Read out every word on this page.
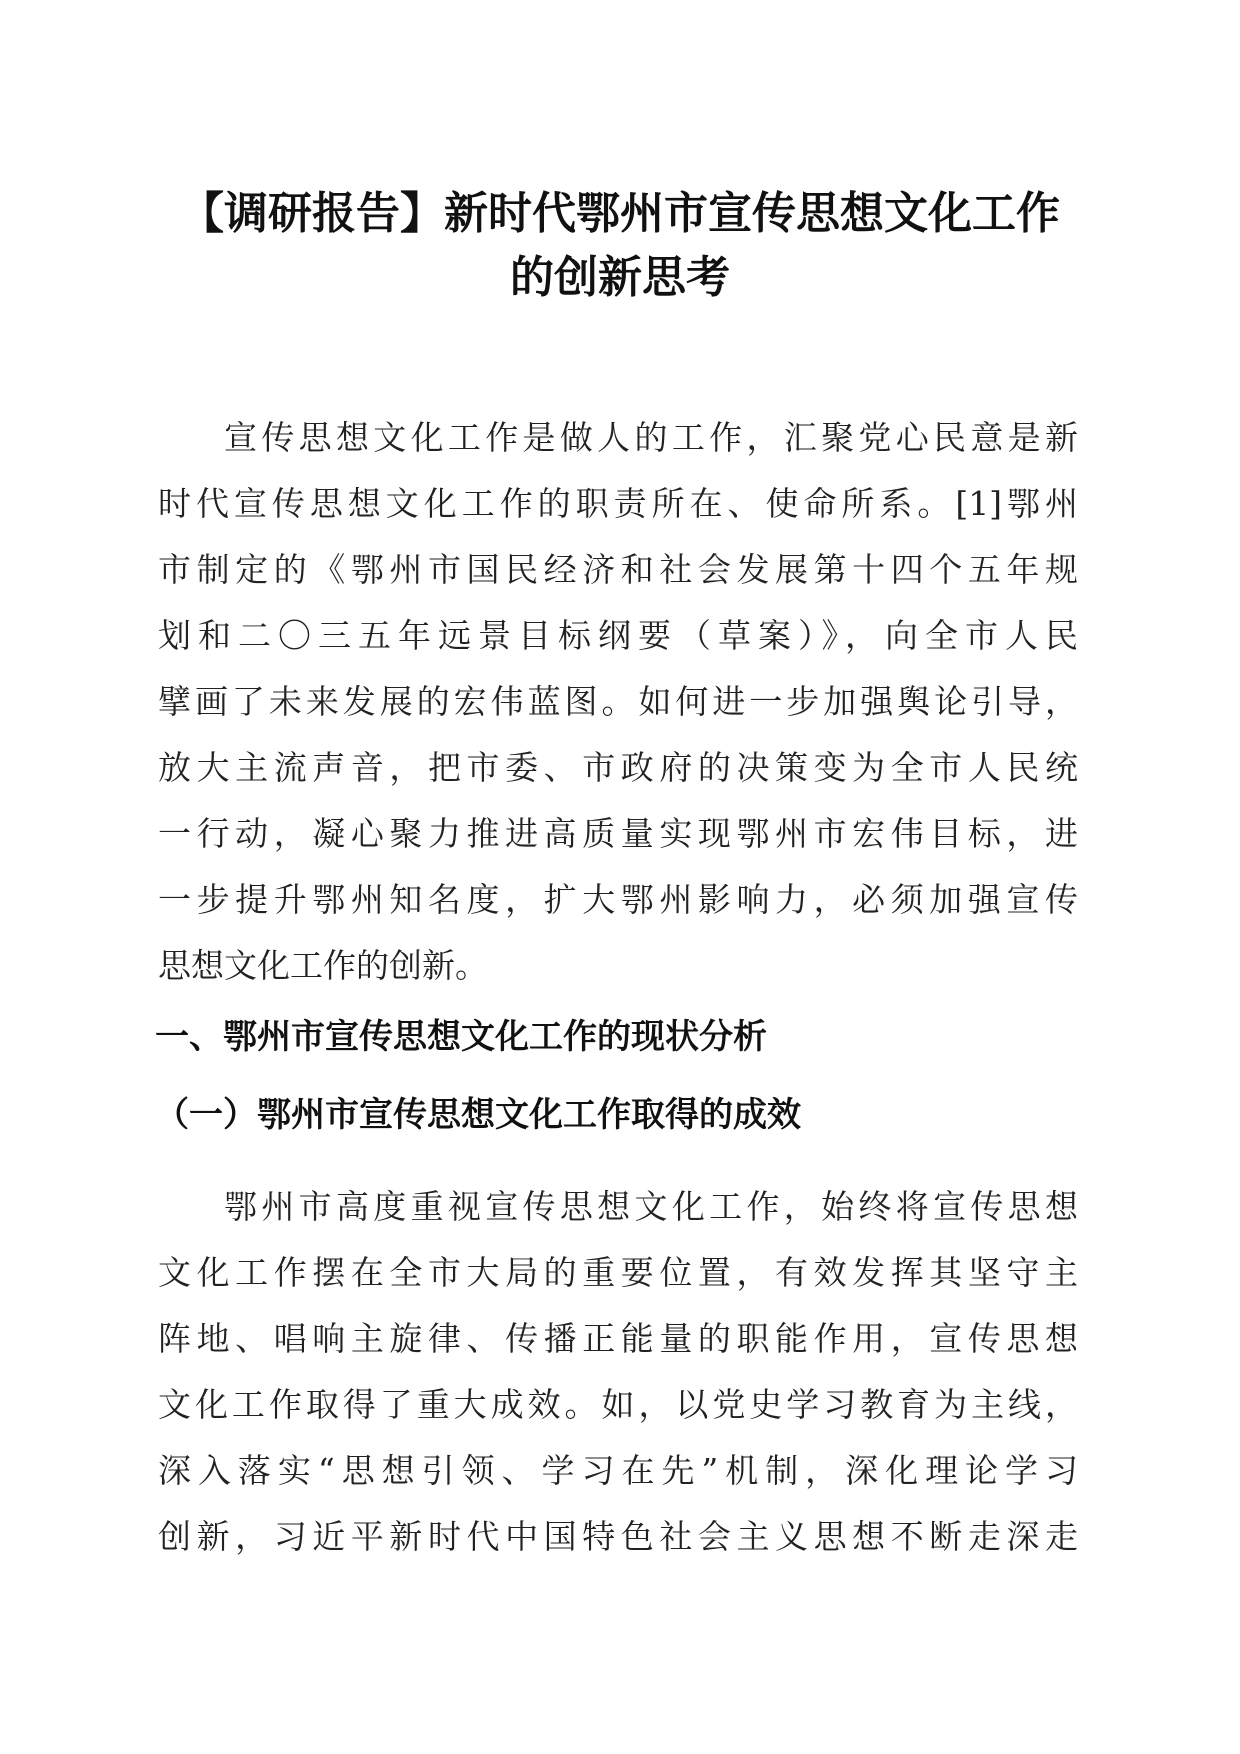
【调研报告】新时代鄂州市宣传思想文化工作
的创新思考

宣传思想文化工作是做人的工作，汇聚党心民意是新
时代宣传思想文化工作的职责所在、使命所系。[1]鄂州
市制定的《鄂州市国民经济和社会发展第十四个五年规
划和二〇三五年远景目标纲要（草案）》，向全市人民
擘画了未来发展的宏伟蓝图。如何进一步加强舆论引导，
放大主流声音，把市委、市政府的决策变为全市人民统
一行动，凝心聚力推进高质量实现鄂州市宏伟目标，进
一步提升鄂州知名度，扩大鄂州影响力，必须加强宣传
思想文化工作的创新。

一、鄂州市宣传思想文化工作的现状分析
（一）鄂州市宣传思想文化工作取得的成效

鄂州市高度重视宣传思想文化工作，始终将宣传思想
文化工作摆在全市大局的重要位置，有效发挥其坚守主
阵地、唱响主旋律、传播正能量的职能作用，宣传思想
文化工作取得了重大成效。如，以党史学习教育为主线，
深入落实“思想引领、学习在先”机制，深化理论学习
创新，习近平新时代中国特色社会主义思想不断走深走
